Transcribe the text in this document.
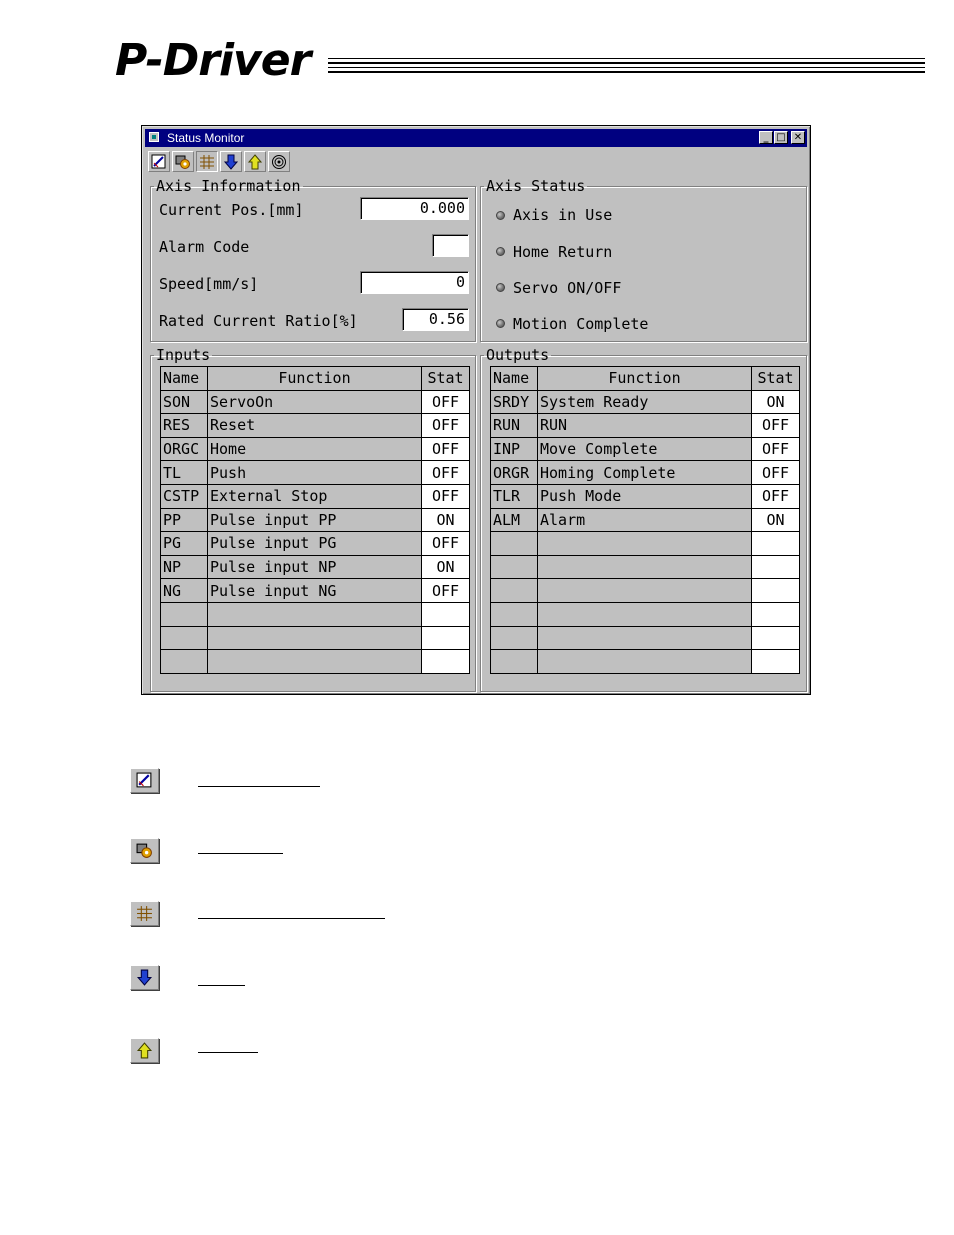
P-Driver
Status Monitor	_ □ ✕
Axis Information
Current Pos.[mm]	0.000
Alarm Code
Speed[mm/s]	0
Rated Current Ratio[%]	0.56
Axis Status
Axis in Use
Home Return
Servo ON/OFF
Motion Complete
Inputs
Name	Function	Stat
SON	ServoOn	OFF
RES	Reset	OFF
ORGC	Home	OFF
TL	Push	OFF
CSTP	External Stop	OFF
PP	Pulse input PP	ON
PG	Pulse input PG	OFF
NP	Pulse input NP	ON
NG	Pulse input NG	OFF

Outputs
Name	Function	Stat
SRDY	System Ready	ON
RUN	RUN	OFF
INP	Move Complete	OFF
ORGR	Homing Complete	OFF
TLR	Push Mode	OFF
ALM	Alarm	ON
